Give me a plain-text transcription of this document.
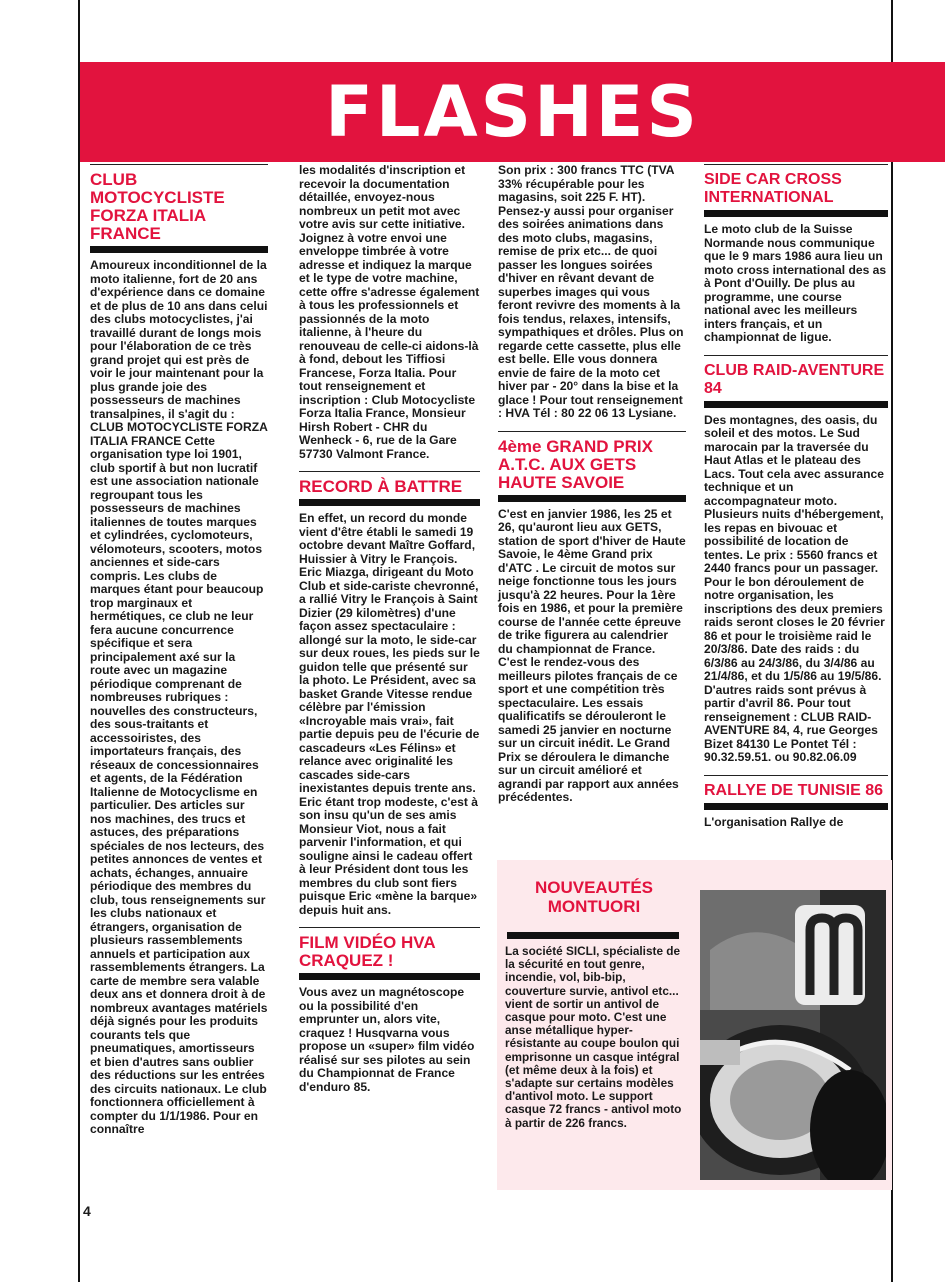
FLASHES

CLUB MOTOCYCLISTE FORZA ITALIA FRANCE

Amoureux inconditionnel de la moto italienne, fort de 20 ans d'expérience dans ce domaine et de plus de 10 ans dans celui des clubs motocyclistes, j'ai travaillé durant de longs mois pour l'élaboration de ce très grand projet qui est près de voir le jour maintenant pour la plus grande joie des possesseurs de machines transalpines, il s'agit du : CLUB MOTOCYCLISTE FORZA ITALIA FRANCE Cette organisation type loi 1901, club sportif à but non lucratif est une association nationale regroupant tous les possesseurs de machines italiennes de toutes marques et cylindrées, cyclomoteurs, vélomoteurs, scooters, motos anciennes et side-cars compris. Les clubs de marques étant pour beaucoup trop marginaux et hermétiques, ce club ne leur fera aucune concurrence spécifique et sera principalement axé sur la route avec un magazine périodique comprenant de nombreuses rubriques : nouvelles des constructeurs, des sous-traitants et accessoiristes, des importateurs français, des réseaux de concessionnaires et agents, de la Fédération Italienne de Motocyclisme en particulier. Des articles sur nos machines, des trucs et astuces, des préparations spéciales de nos lecteurs, des petites annonces de ventes et achats, échanges, annuaire périodique des membres du club, tous renseignements sur les clubs nationaux et étrangers, organisation de plusieurs rassemblements annuels et participation aux rassemblements étrangers. La carte de membre sera valable deux ans et donnera droit à de nombreux avantages matériels déjà signés pour les produits courants tels que pneumatiques, amortisseurs et bien d'autres sans oublier des réductions sur les entrées des circuits nationaux. Le club fonctionnera officiellement à compter du 1/1/1986. Pour en connaître

les modalités d'inscription et recevoir la documentation détaillée, envoyez-nous nombreux un petit mot avec votre avis sur cette initiative. Joignez à votre envoi une enveloppe timbrée à votre adresse et indiquez la marque et le type de votre machine, cette offre s'adresse également à tous les professionnels et passionnés de la moto italienne, à l'heure du renouveau de celle-ci aidons-là à fond, debout les Tiffiosi Francese, Forza Italia. Pour tout renseignement et inscription : Club Motocycliste Forza Italia France, Monsieur Hirsh Robert - CHR du Wenheck - 6, rue de la Gare 57730 Valmont France.

RECORD À BATTRE

En effet, un record du monde vient d'être établi le samedi 19 octobre devant Maître Goffard, Huissier à Vitry le François. Eric Miazga, dirigeant du Moto Club et side-cariste chevronné, a rallié Vitry le François à Saint Dizier (29 kilomètres) d'une façon assez spectaculaire : allongé sur la moto, le side-car sur deux roues, les pieds sur le guidon telle que présenté sur la photo. Le Président, avec sa basket Grande Vitesse rendue célèbre par l'émission «Incroyable mais vrai», fait partie depuis peu de l'écurie de cascadeurs «Les Félins» et relance avec originalité les cascades side-cars inexistantes depuis trente ans. Eric étant trop modeste, c'est à son insu qu'un de ses amis Monsieur Viot, nous a fait parvenir l'information, et qui souligne ainsi le cadeau offert à leur Président dont tous les membres du club sont fiers puisque Eric «mène la barque» depuis huit ans.

FILM VIDÉO HVA CRAQUEZ !

Vous avez un magnétoscope ou la possibilité d'en emprunter un, alors vite, craquez ! Husqvarna vous propose un «super» film vidéo réalisé sur ses pilotes au sein du Championnat de France d'enduro 85.

Son prix : 300 francs TTC (TVA 33% récupérable pour les magasins, soit 225 F. HT). Pensez-y aussi pour organiser des soirées animations dans des moto clubs, magasins, remise de prix etc... de quoi passer les longues soirées d'hiver en rêvant devant de superbes images qui vous feront revivre des moments à la fois tendus, relaxes, intensifs, sympathiques et drôles. Plus on regarde cette cassette, plus elle est belle. Elle vous donnera envie de faire de la moto cet hiver par - 20° dans la bise et la glace ! Pour tout renseignement : HVA Tél : 80 22 06 13 Lysiane.

4ème GRAND PRIX A.T.C. AUX GETS HAUTE SAVOIE

C'est en janvier 1986, les 25 et 26, qu'auront lieu aux GETS, station de sport d'hiver de Haute Savoie, le 4ème Grand prix d'ATC . Le circuit de motos sur neige fonctionne tous les jours jusqu'à 22 heures. Pour la 1ère fois en 1986, et pour la première course de l'année cette épreuve de trike figurera au calendrier du championnat de France. C'est le rendez-vous des meilleurs pilotes français de ce sport et une compétition très spectaculaire. Les essais qualificatifs se dérouleront le samedi 25 janvier en nocturne sur un circuit inédit. Le Grand Prix se déroulera le dimanche sur un circuit amélioré et agrandi par rapport aux années précédentes.

SIDE CAR CROSS INTERNATIONAL

Le moto club de la Suisse Normande nous communique que le 9 mars 1986 aura lieu un moto cross international des as à Pont d'Ouilly. De plus au programme, une course national avec les meilleurs inters français, et un championnat de ligue.

CLUB RAID-AVENTURE 84

Des montagnes, des oasis, du soleil et des motos. Le Sud marocain par la traversée du Haut Atlas et le plateau des Lacs. Tout cela avec assurance technique et un accompagnateur moto. Plusieurs nuits d'hébergement, les repas en bivouac et possibilité de location de tentes. Le prix : 5560 francs et 2440 francs pour un passager. Pour le bon déroulement de notre organisation, les inscriptions des deux premiers raids seront closes le 20 février 86 et pour le troisième raid le 20/3/86. Date des raids : du 6/3/86 au 24/3/86, du 3/4/86 au 21/4/86, et du 1/5/86 au 19/5/86. D'autres raids sont prévus à partir d'avril 86. Pour tout renseignement : CLUB RAID-AVENTURE 84, 4, rue Georges Bizet 84130 Le Pontet Tél : 90.32.59.51. ou 90.82.06.09

RALLYE DE TUNISIE 86

L'organisation Rallye de

NOUVEAUTÉS MONTUORI
La société SICLI, spécialiste de la sécurité en tout genre, incendie, vol, bib-bip, couverture survie, antivol etc... vient de sortir un antivol de casque pour moto. C'est une anse métallique hyper-résistante au coupe boulon qui emprisonne un casque intégral (et même deux à la fois) et s'adapte sur certains modèles d'antivol moto. Le support casque 72 francs - antivol moto à partir de 226 francs.
4
